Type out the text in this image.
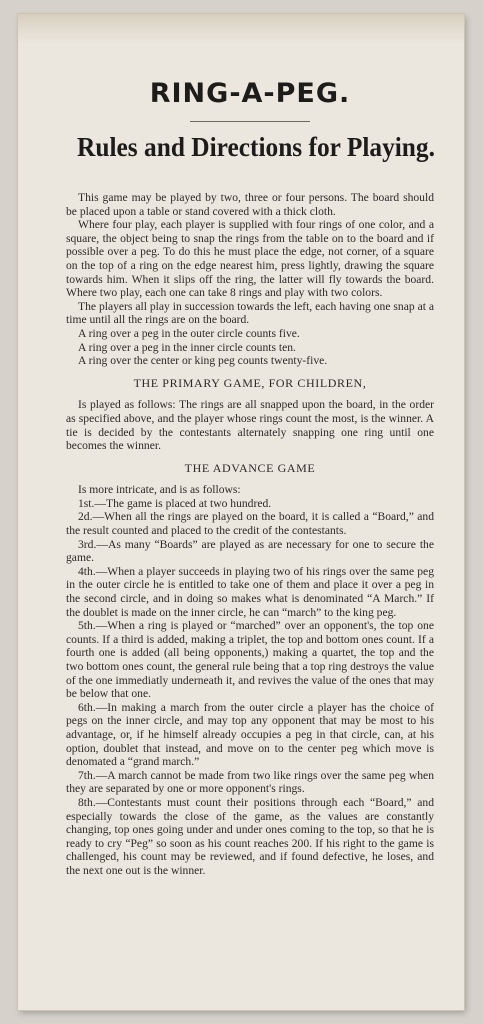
RING-A-PEG.
Rules and Directions for Playing.

This game may be played by two, three or four persons. The board should be placed upon a table or stand covered with a thick cloth.

Where four play, each player is supplied with four rings of one color, and a square, the object being to snap the rings from the table on to the board and if possible over a peg. To do this he must place the edge, not corner, of a square on the top of a ring on the edge nearest him, press lightly, drawing the square towards him. When it slips off the ring, the latter will fly towards the board. Where two play, each one can take 8 rings and play with two colors.

The players all play in succession towards the left, each having one snap at a time until all the rings are on the board.

A ring over a peg in the outer circle counts five.

A ring over a peg in the inner circle counts ten.

A ring over the center or king peg counts twenty-five.

THE PRIMARY GAME, FOR CHILDREN,

Is played as follows: The rings are all snapped upon the board, in the order as specified above, and the player whose rings count the most, is the winner. A tie is decided by the contestants alternately snapping one ring until one becomes the winner.

THE ADVANCE GAME

Is more intricate, and is as follows:

1st.—The game is placed at two hundred.

2d.—When all the rings are played on the board, it is called a “Board,” and the result counted and placed to the credit of the contestants.

3rd.—As many “Boards” are played as are necessary for one to secure the game.

4th.—When a player succeeds in playing two of his rings over the same peg in the outer circle he is entitled to take one of them and place it over a peg in the second circle, and in doing so makes what is denominated “A March.” If the doublet is made on the inner circle, he can “march” to the king peg.

5th.—When a ring is played or “marched” over an opponent's, the top one counts. If a third is added, making a triplet, the top and bottom ones count. If a fourth one is added (all being opponents,) making a quartet, the top and the two bottom ones count, the general rule being that a top ring destroys the value of the one immediatly underneath it, and revives the value of the ones that may be below that one.

6th.—In making a march from the outer circle a player has the choice of pegs on the inner circle, and may top any opponent that may be most to his advantage, or, if he himself already occupies a peg in that circle, can, at his option, doublet that instead, and move on to the center peg which move is denomated a “grand march.”

7th.—A march cannot be made from two like rings over the same peg when they are separated by one or more opponent's rings.

8th.—Contestants must count their positions through each “Board,” and especially towards the close of the game, as the values are constantly changing, top ones going under and under ones coming to the top, so that he is ready to cry “Peg” so soon as his count reaches 200. If his right to the game is challenged, his count may be reviewed, and if found defective, he loses, and the next one out is the winner.
